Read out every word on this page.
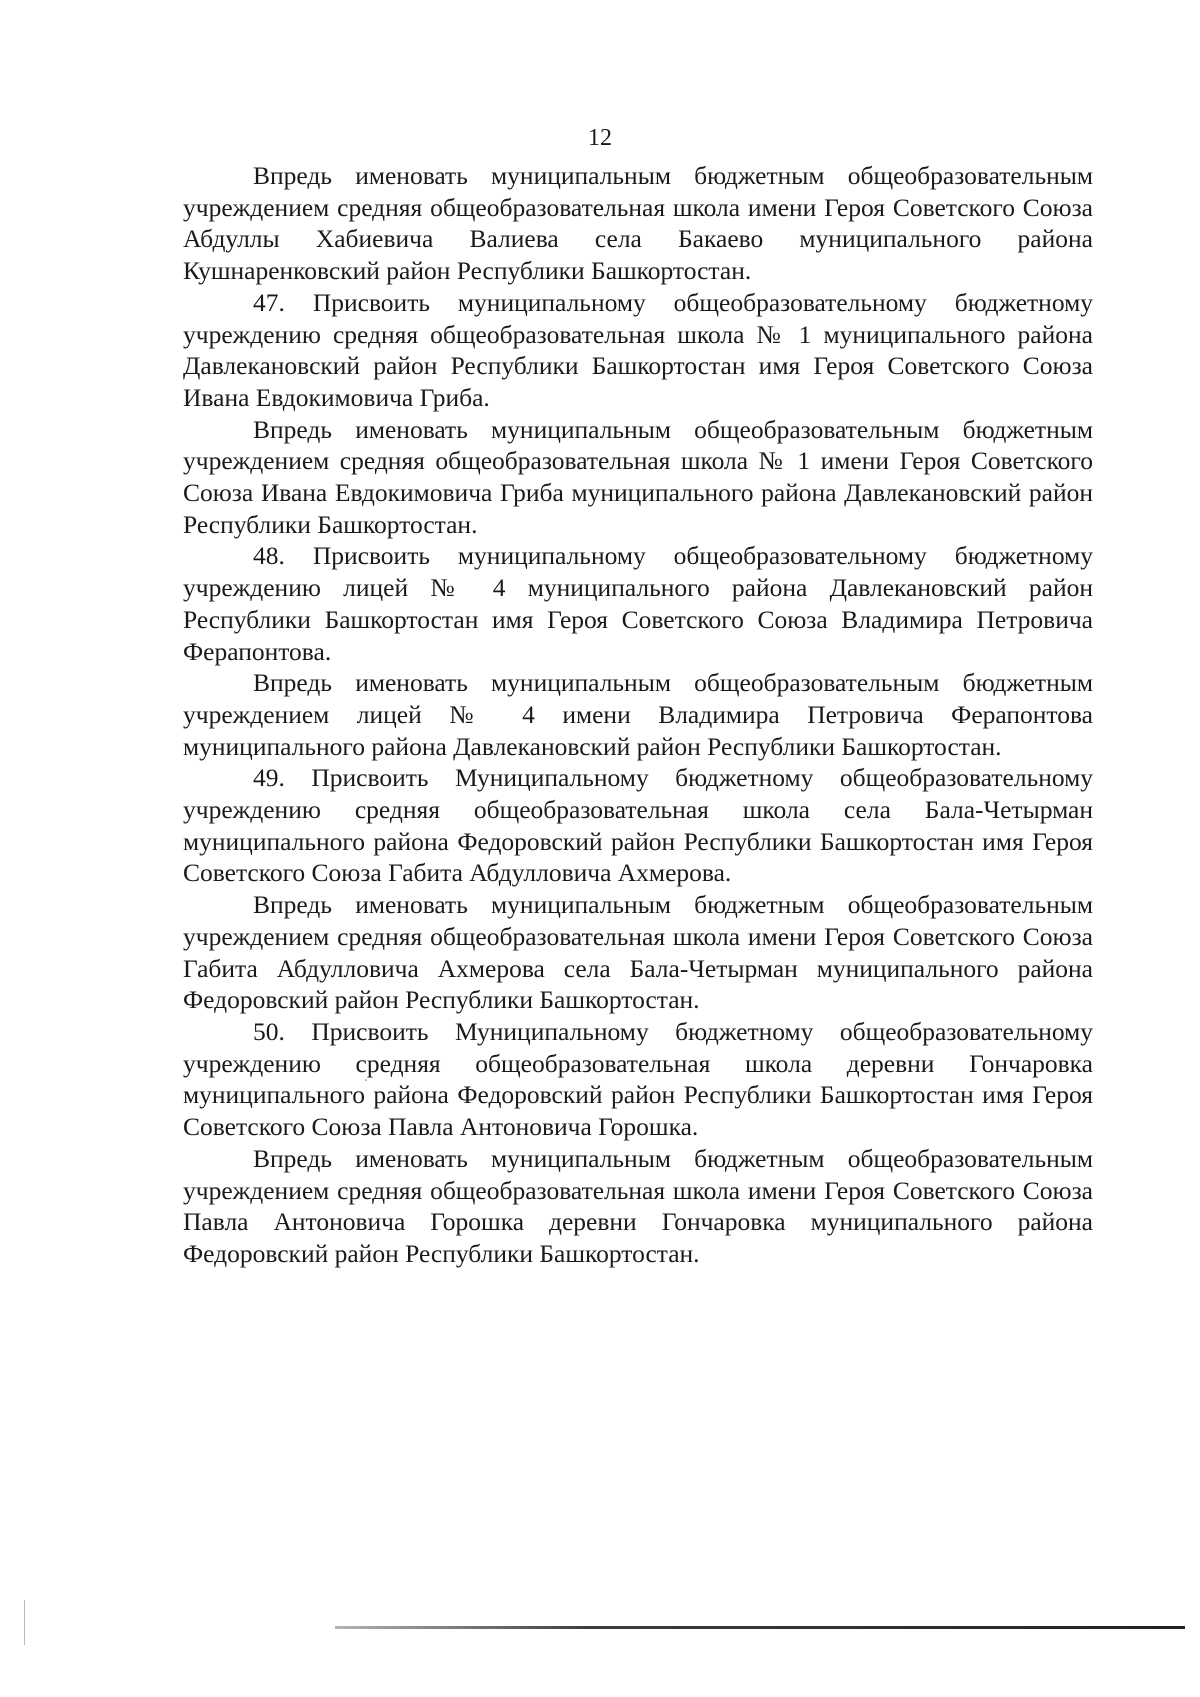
12

Впредь именовать муниципальным бюджетным общеобразовательным учреждением средняя общеобразовательная школа имени Героя Советского Союза Абдуллы Хабиевича Валиева села Бакаево муниципального района Кушнаренковский район Республики Башкортостан.

47. Присвоить муниципальному общеобразовательному бюджетному учреждению средняя общеобразовательная школа № 1 муниципального района Давлекановский район Республики Башкортостан имя Героя Советского Союза Ивана Евдокимовича Гриба.

Впредь именовать муниципальным общеобразовательным бюджетным учреждением средняя общеобразовательная школа № 1 имени Героя Советского Союза Ивана Евдокимовича Гриба муниципального района Давлекановский район Республики Башкортостан.

48. Присвоить муниципальному общеобразовательному бюджетному учреждению лицей № 4 муниципального района Давлекановский район Республики Башкортостан имя Героя Советского Союза Владимира Петровича Ферапонтова.

Впредь именовать муниципальным общеобразовательным бюджетным учреждением лицей № 4 имени Владимира Петровича Ферапонтова муниципального района Давлекановский район Республики Башкортостан.

49. Присвоить Муниципальному бюджетному общеобразовательному учреждению средняя общеобразовательная школа села Бала-Четырман муниципального района Федоровский район Республики Башкортостан имя Героя Советского Союза Габита Абдулловича Ахмерова.

Впредь именовать муниципальным бюджетным общеобразовательным учреждением средняя общеобразовательная школа имени Героя Советского Союза Габита Абдулловича Ахмерова села Бала-Четырман муниципального района Федоровский район Республики Башкортостан.

50. Присвоить Муниципальному бюджетному общеобразовательному учреждению средняя общеобразовательная школа деревни Гончаровка муниципального района Федоровский район Республики Башкортостан имя Героя Советского Союза Павла Антоновича Горошка.

Впредь именовать муниципальным бюджетным общеобразовательным учреждением средняя общеобразовательная школа имени Героя Советского Союза Павла Антоновича Горошка деревни Гончаровка муниципального района Федоровский район Республики Башкортостан.
